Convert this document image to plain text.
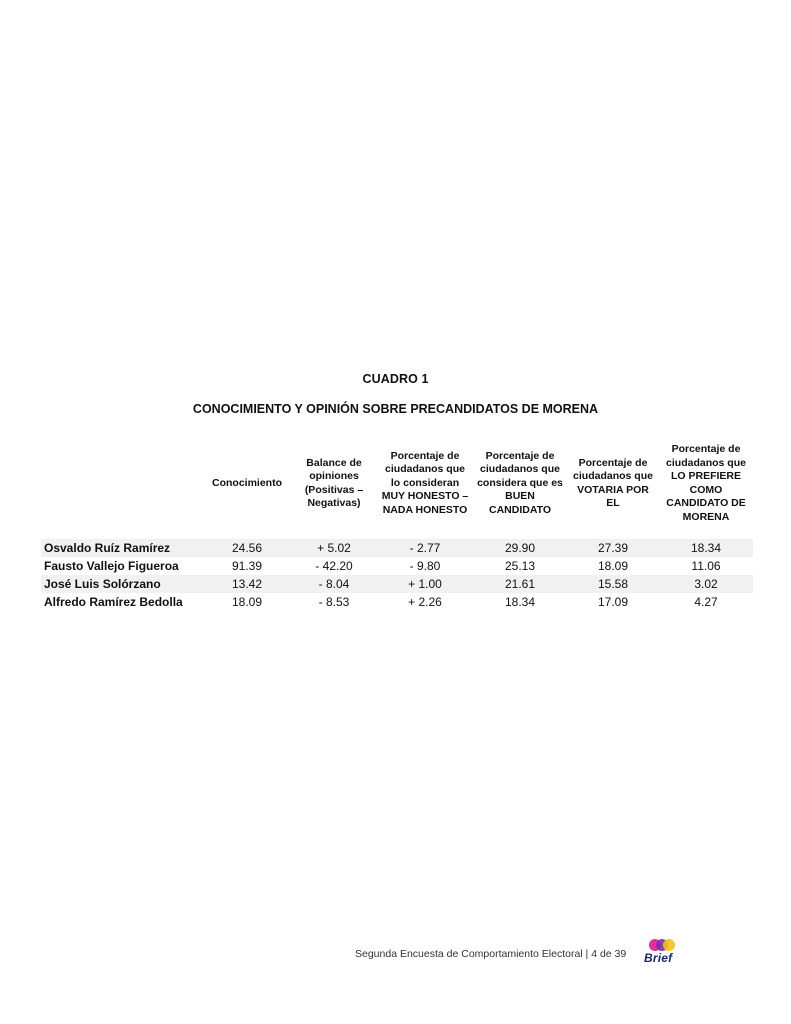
CUADRO 1
CONOCIMIENTO Y OPINIÓN SOBRE PRECANDIDATOS DE MORENA
	Conocimiento	Balance de opiniones (Positivas – Negativas)	Porcentaje de ciudadanos que lo consideran MUY HONESTO – NADA HONESTO	Porcentaje de ciudadanos que considera que es BUEN CANDIDATO	Porcentaje de ciudadanos que VOTARIA POR EL	Porcentaje de ciudadanos que LO PREFIERE COMO CANDIDATO DE MORENA
Osvaldo Ruíz Ramírez	24.56	+ 5.02	- 2.77	29.90	27.39	18.34
Fausto Vallejo Figueroa	91.39	- 42.20	- 9.80	25.13	18.09	11.06
José Luis Solórzano	13.42	- 8.04	+ 1.00	21.61	15.58	3.02
Alfredo Ramírez Bedolla	18.09	- 8.53	+ 2.26	18.34	17.09	4.27
Segunda Encuesta de Comportamiento Electoral | 4 de 39 Brief
